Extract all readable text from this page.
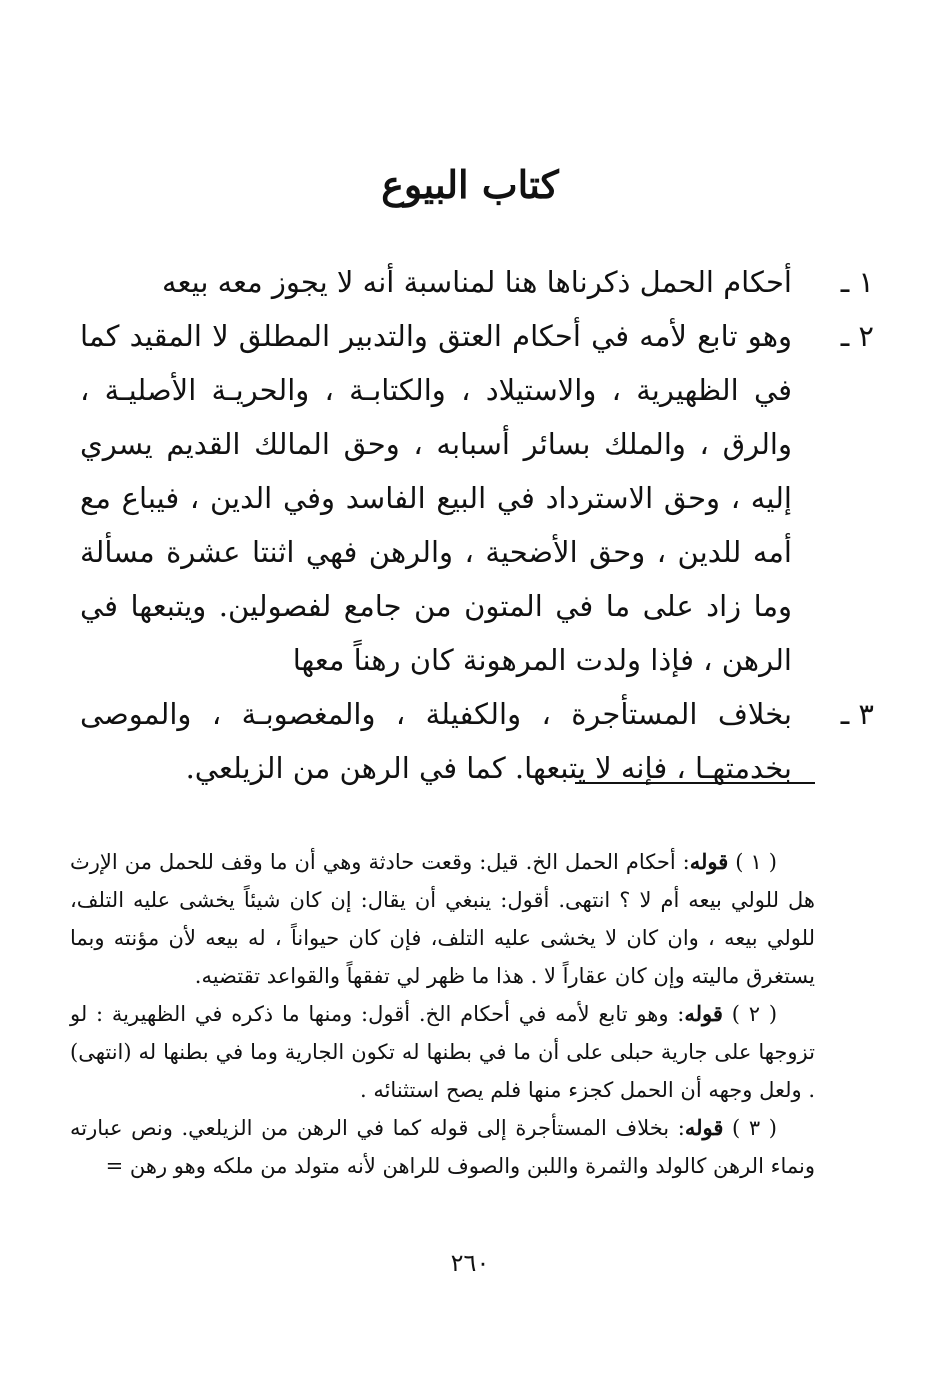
كتاب البيوع
١ ـ
أحكام الحمل ذكرناها هنا لمناسبة أنه لا يجوز معه بيعه
٢ ـ
وهو تابع لأمه في أحكام العتق والتدبير المطلق لا المقيد كما في الظهيرية ، والاستيلاد ، والكتابـة ، والحريـة الأصليـة ، والرق ، والملك بسائر أسبابه ، وحق المالك القديم يسري إليه ، وحق الاسترداد في البيع الفاسد وفي الدين ، فيباع مع أمه للدين ، وحق الأضحية ، والرهن فهي اثنتا عشرة مسألة وما زاد على ما في المتون من جامع لفصولين. ويتبعها في الرهن ، فإذا ولدت المرهونة كان رهناً معها
٣ ـ
بخلاف المستأجرة ، والكفيلة ، والمغصوبـة ، والموصى بخدمتهـا ، فإنه لا يتبعها. كما في الرهن من الزيلعي.
( ١ ) قوله: أحكام الحمل الخ. قيل: وقعت حادثة وهي أن ما وقف للحمل من الإرث هل للولي بيعه أم لا ؟ انتهى. أقول: ينبغي أن يقال: إن كان شيئاً يخشى عليه التلف، للولي بيعه ، وان كان لا يخشى عليه التلف، فإن كان حيواناً ، له بيعه لأن مؤنته وبما يستغرق ماليته وإن كان عقاراً لا . هذا ما ظهر لي تفقهاً والقواعد تقتضيه.
( ٢ ) قوله: وهو تابع لأمه في أحكام الخ. أقول: ومنها ما ذكره في الظهيرية : لو تزوجها على جارية حبلى على أن ما في بطنها له تكون الجارية وما في بطنها له (انتهى) . ولعل وجهه أن الحمل كجزء منها فلم يصح استثنائه .
( ٣ ) قوله: بخلاف المستأجرة إلى قوله كما في الرهن من الزيلعي. ونص عبارته ونماء الرهن كالولد والثمرة واللبن والصوف للراهن لأنه متولد من ملكه وهو رهن =
٢٦٠
